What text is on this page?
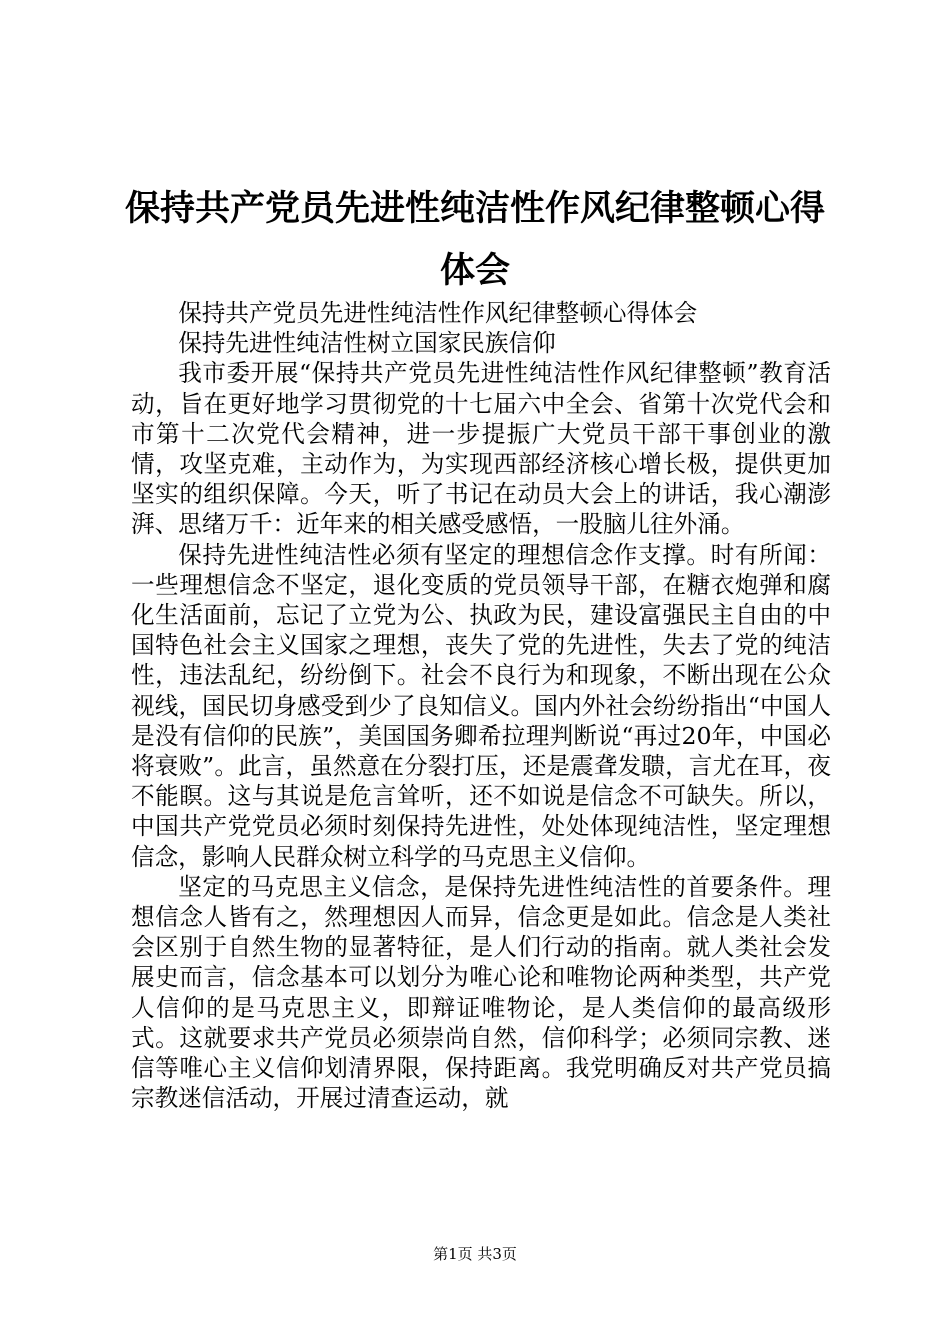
保持共产党员先进性纯洁性作风纪律整顿心得体会

保持共产党员先进性纯洁性作风纪律整顿心得体会

保持先进性纯洁性树立国家民族信仰

我市委开展“保持共产党员先进性纯洁性作风纪律整顿”教育活动，旨在更好地学习贯彻党的十七届六中全会、省第十次党代会和市第十二次党代会精神，进一步提振广大党员干部干事创业的激情，攻坚克难，主动作为，为实现西部经济核心增长极，提供更加坚实的组织保障。今天，听了书记在动员大会上的讲话，我心潮澎湃、思绪万千：近年来的相关感受感悟，一股脑儿往外涌。

保持先进性纯洁性必须有坚定的理想信念作支撑。时有所闻：一些理想信念不坚定，退化变质的党员领导干部，在糖衣炮弹和腐化生活面前，忘记了立党为公、执政为民，建设富强民主自由的中国特色社会主义国家之理想，丧失了党的先进性，失去了党的纯洁性，违法乱纪，纷纷倒下。社会不良行为和现象，不断出现在公众视线，国民切身感受到少了良知信义。国内外社会纷纷指出“中国人是没有信仰的民族”，美国国务卿希拉理判断说“再过20年，中国必将衰败”。此言，虽然意在分裂打压，还是震聋发聩，言尤在耳，夜不能瞑。这与其说是危言耸听，还不如说是信念不可缺失。所以，中国共产党党员必须时刻保持先进性，处处体现纯洁性，坚定理想信念，影响人民群众树立科学的马克思主义信仰。

坚定的马克思主义信念，是保持先进性纯洁性的首要条件。理想信念人皆有之，然理想因人而异，信念更是如此。信念是人类社会区别于自然生物的显著特征，是人们行动的指南。就人类社会发展史而言，信念基本可以划分为唯心论和唯物论两种类型，共产党人信仰的是马克思主义，即辩证唯物论，是人类信仰的最高级形式。这就要求共产党员必须崇尚自然，信仰科学；必须同宗教、迷信等唯心主义信仰划清界限，保持距离。我党明确反对共产党员搞宗教迷信活动，开展过清查运动，就

第1页 共3页
